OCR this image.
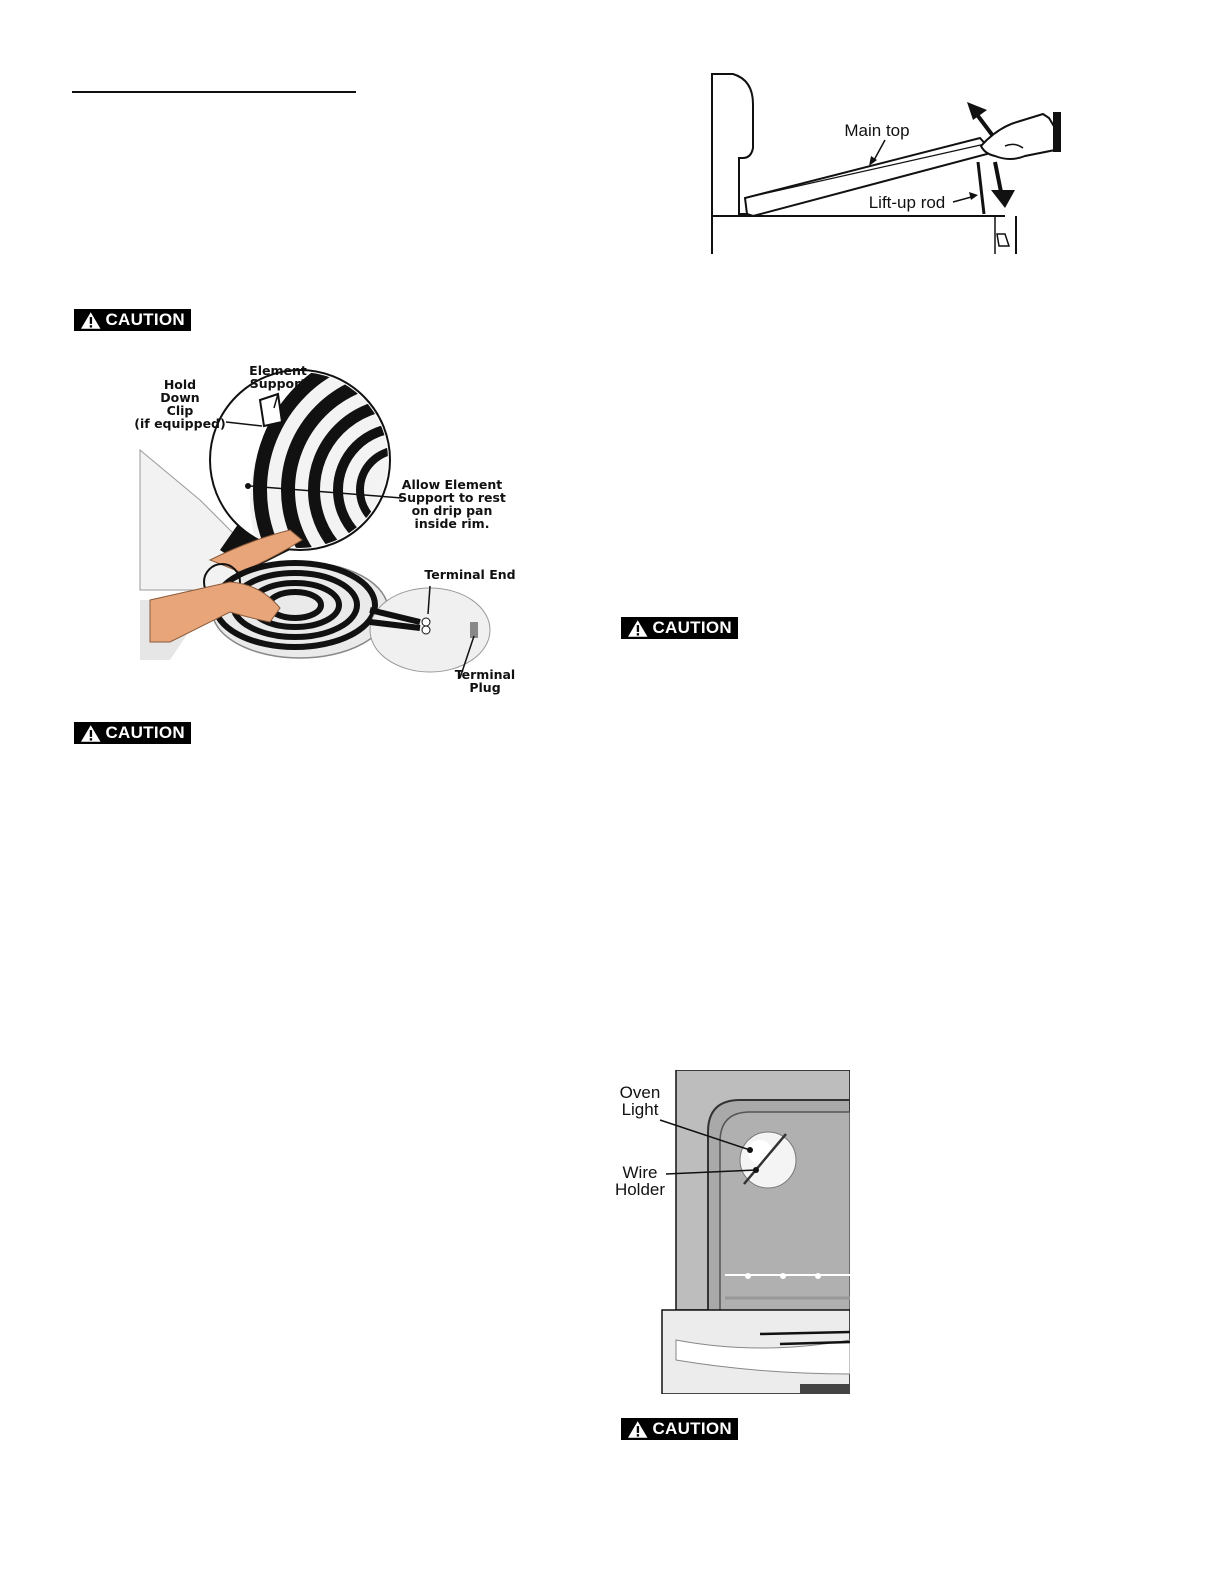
CAUTION
CAUTION
CAUTION
CAUTION
Main top
Lift-up rod
Hold
Down
Clip
(if equipped)
Element
Support
Allow Element
Support to rest
on drip pan
inside rim.
Terminal End
Terminal
Plug
Oven
Light
Wire
Holder
